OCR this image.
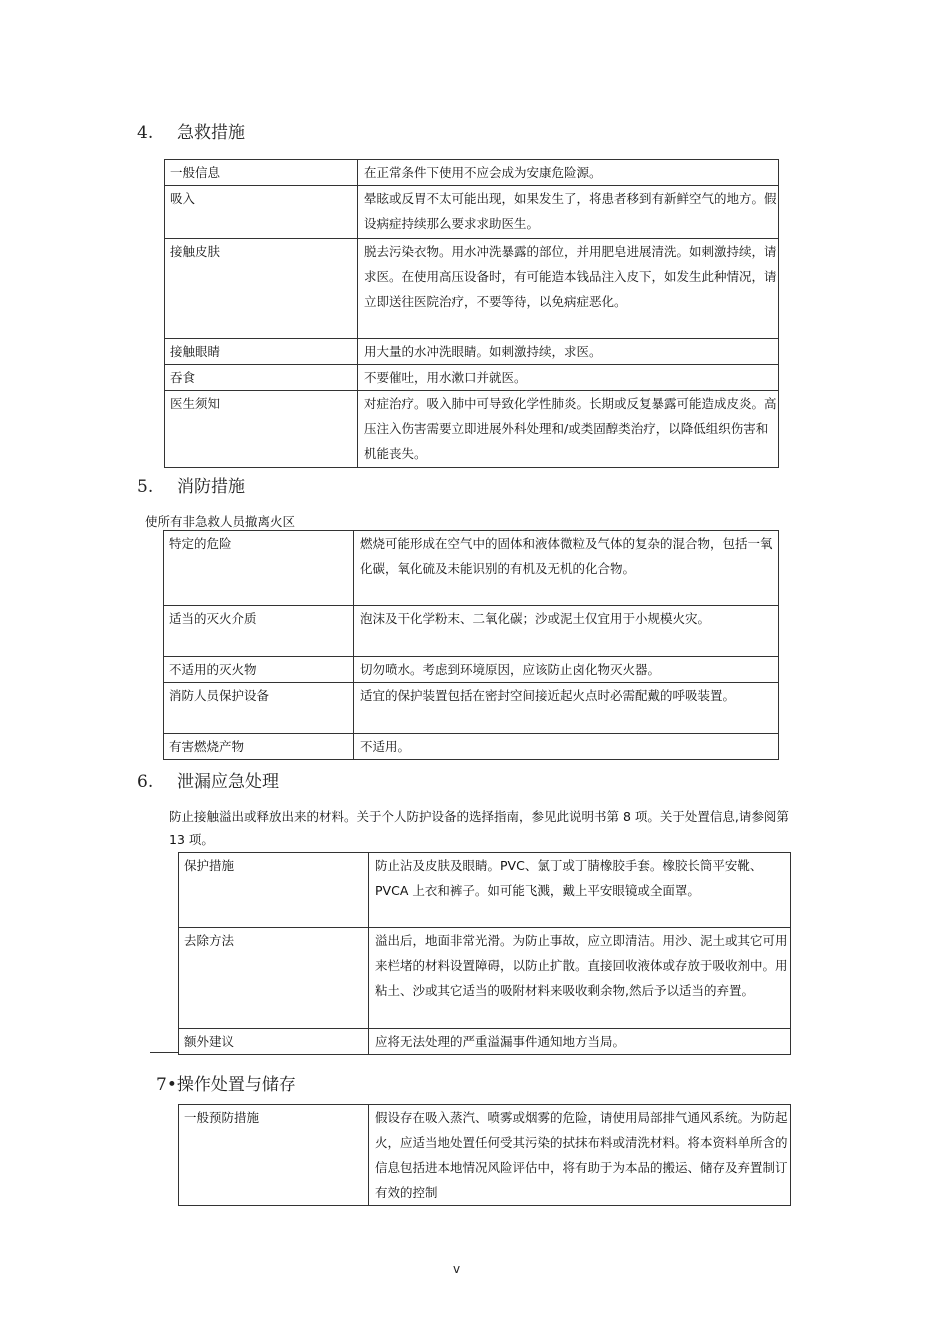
4. 急救措施
一般信息	在正常条件下使用不应会成为安康危险源。
吸入	晕眩或反胃不太可能出现，如果发生了，将患者移到有新鲜空气的地方。假设病症持续那么要求求助医生。
接触皮肤	脱去污染衣物。用水冲洗暴露的部位，并用肥皂进展清洗。如刺激持续，请求医。在使用高压设备时，有可能造本钱品注入皮下，如发生此种情况，请立即送往医院治疗，不要等待，以免病症恶化。
接触眼睛	用大量的水冲洗眼睛。如刺激持续，求医。
吞食	不要催吐，用水漱口并就医。
医生须知	对症治疗。吸入肺中可导致化学性肺炎。长期或反复暴露可能造成皮炎。高压注入伤害需要立即进展外科处理和/或类固醇类治疗，以降低组织伤害和机能丧失。
5. 消防措施
使所有非急救人员撤离火区
特定的危险	燃烧可能形成在空气中的固体和液体微粒及气体的复杂的混合物，包括一氧化碳，氧化硫及未能识别的有机及无机的化合物。
适当的灭火介质	泡沫及干化学粉末、二氧化碳；沙或泥土仅宜用于小规模火灾。
不适用的灭火物	切勿喷水。考虑到环境原因，应该防止卤化物灭火器。
消防人员保护设备	适宜的保护装置包括在密封空间接近起火点时必需配戴的呼吸装置。
有害燃烧产物	不适用。
6. 泄漏应急处理
防止接触溢出或释放出来的材料。关于个人防护设备的选择指南，参见此说明书第 8 项。关于处置信息,请参阅第 13 项。
保护措施	防止沾及皮肤及眼睛。PVC、氯丁或丁腈橡胶手套。橡胶长筒平安靴、PVCA 上衣和裤子。如可能飞溅，戴上平安眼镜或全面罩。
去除方法	溢出后，地面非常光滑。为防止事故，应立即清洁。用沙、泥土或其它可用来栏堵的材料设置障碍，以防止扩散。直接回收液体或存放于吸收剂中。用粘土、沙或其它适当的吸附材料来吸收剩余物,然后予以适当的弃置。
额外建议	应将无法处理的严重溢漏事件通知地方当局。
7•操作处置与储存
一般预防措施	假设存在吸入蒸汽、喷雾或烟雾的危险，请使用局部排气通风系统。为防起火，应适当地处置任何受其污染的拭抹布料或清洗材料。将本资料单所含的信息包括进本地情况风险评估中，将有助于为本品的搬运、储存及弃置制订有效的控制
v
